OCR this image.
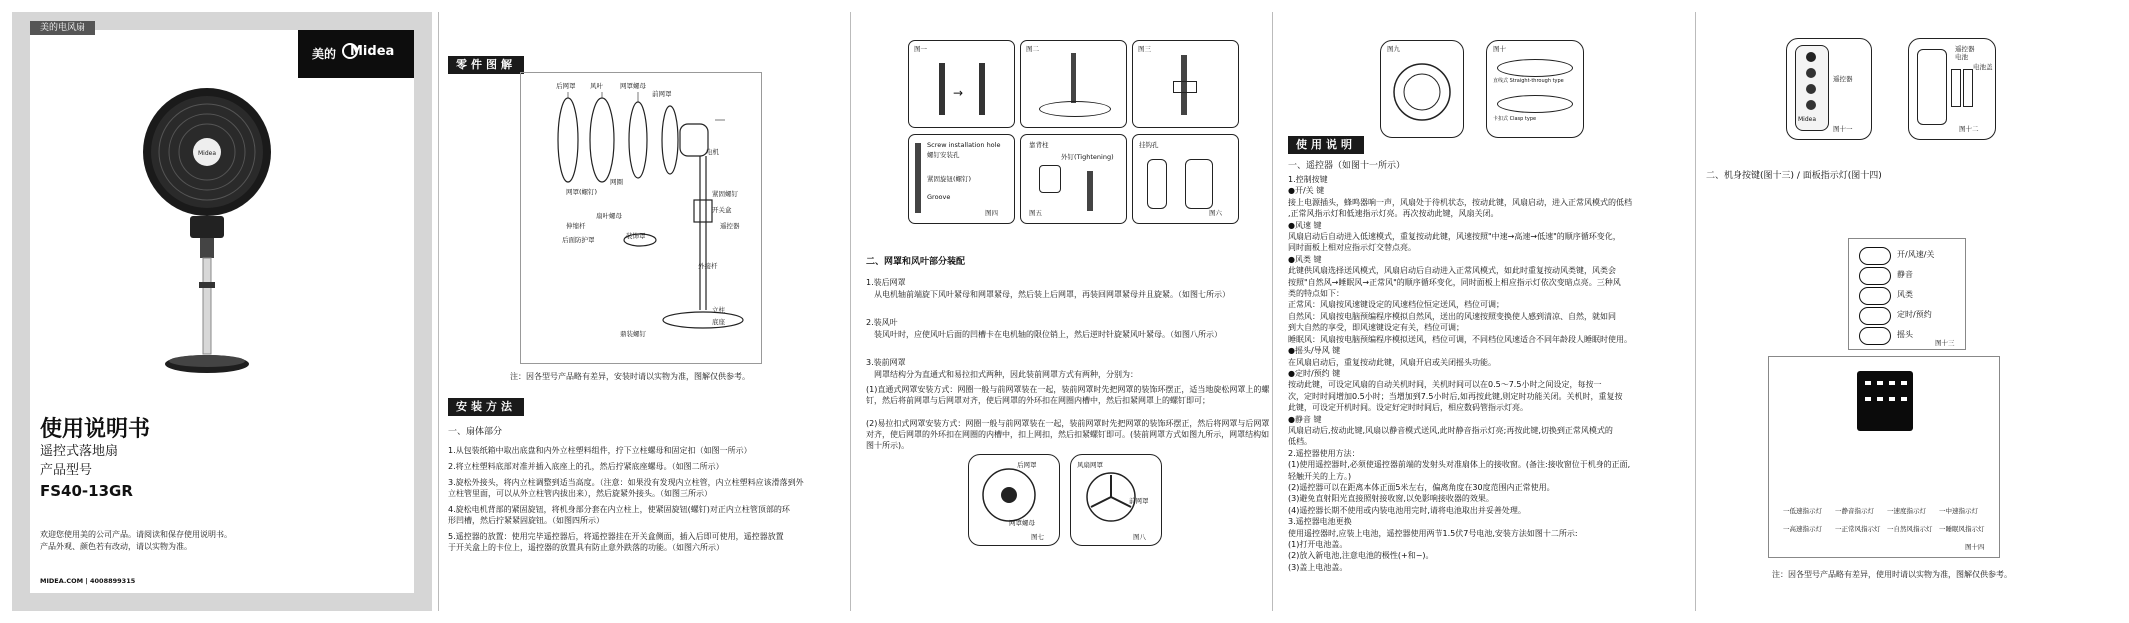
美的电风扇
美的 Midea
Midea
使用说明书
遥控式落地扇
产品型号
FS40-13GR
欢迎您使用美的公司产品。请阅读和保存使用说明书。
产品外观、颜色若有改动，请以实物为准。
MIDEA.COM | 4008899315
零件图解
后网罩 风叶	网罩螺母
前网罩
电机
网圈
网罩(螺钉)	紧固螺钉
开关盒
扇叶螺母
遥控器
伸缩杆
后面防护罩	装饰罩
外接杆
立柱
底座
鼎装螺钉
注：因各型号产品略有差异，安装时请以实物为准，图解仅供参考。
安装方法
一、扇体部分
1.从包装纸箱中取出底盘和内外立柱塑料组件，拧下立柱螺母和固定扣（如图一所示）
2.将立柱塑料底部对准并插入底座上的孔，然后拧紧底座螺母。（如图二所示）
3.旋松外接头，将内立柱调整到适当高度。（注意：如果没有发现内立柱管，内立柱塑料应该滑落到外
立柱管里面，可以从外立柱管内拔出来），然后旋紧外接头。（如图三所示）
4.旋松电机背部的紧固旋钮，将机身部分套在内立柱上，使紧固旋钮(螺钉)对正内立柱管顶部的环
形凹槽，然后拧紧紧固旋钮。（如图四所示）
5.遥控器的放置：使用完毕遥控器后，将遥控器挂在开关盒侧面，插入后即可使用，遥控器放置
于开关盒上的卡位上，遥控器的放置具有防止意外跌落的功能。（如图六所示）
图一
→
图二	图三
Screw installation hole
螺钉安装孔
紧固旋钮(螺钉)
Groove
图四
靠背柱
外钉(Tightening)
图五
挂钩孔
图六
二、网罩和风叶部分装配
1.装后网罩
从电机轴前端旋下风叶紧母和网罩紧母，然后装上后网罩，再装回网罩紧母并且旋紧。（如图七所示）
2.装风叶
装风叶时，应使风叶后面的凹槽卡在电机轴的限位销上，然后逆时针旋紧风叶紧母。（如图八所示）
3.装前网罩
网罩结构分为直通式和易拉扣式两种，因此装前网罩方式有两种，分别为：
(1)直通式网罩安装方式：网圈一般与前网罩装在一起，装前网罩时先把网罩的装饰环摆正，适当地旋松网罩上的螺钉，然后将前网罩与后网罩对齐，使后网罩的外环扣在网圈内槽中，然后扣紧网罩上的螺钉即可；
(2)易拉扣式网罩安装方式：网圈一般与前网罩装在一起，装前网罩时先把网罩的装饰环摆正，然后将网罩与后网罩对齐，使后网罩的外环扣在网圈的内槽中，扣上网扣，然后扣紧螺钉即可。(装前网罩方式如图九所示，网罩结构如图十所示)。
后网罩
网罩螺母
图七
风扇网罩
前网罩
图八
图九	图十
直线式 Straight-through type
卡扣式 Clasp type
使用说明
一、遥控器（如图十一所示）
1.控制按键
●开/关 键
接上电源插头，蜂鸣器响一声，风扇处于待机状态，按动此键，风扇启动，进入正常风模式的低档
,正常风指示灯和低速指示灯亮。再次按动此键，风扇关闭。
●风速 键
风扇启动后自动进入低速模式，重复按动此键，风速按照"中速→高速→低速"的顺序循环变化，
同时面板上相对应指示灯交替点亮。
●风类 键
此键供风扇选择送风模式，风扇启动后自动进入正常风模式，如此时重复按动风类键，风类会
按照"自然风→睡眠风→正常风"的顺序循环变化，同时面板上相应指示灯依次变暗点亮。三种风
类的特点如下：
正常风：风扇按风速键设定的风速档位恒定送风，档位可调；
自然风：风扇按电脑预编程序模拟自然风，送出的风速按照变换使人感到清凉、自然，就如同
到大自然的享受，即风速键设定有关，档位可调；
睡眠风：风扇按电脑预编程序模拟送风，档位可调，不同档位风速适合不同年龄段人睡眠时使用。
●摇头/导风 键
在风扇启动后，重复按动此键，风扇开启或关闭摇头功能。
●定时/预约 键
按动此键，可设定风扇的自动关机时间，关机时间可以在0.5～7.5小时之间设定，每按一
次，定时时间增加0.5小时；当增加到7.5小时后,如再按此键,则定时功能关闭。关机时，重复按
此键，可设定开机时间。设定好定时时间后，相应数码管指示灯亮。
●静音 键
风扇启动后,按动此键,风扇以静音模式送风,此时静音指示灯亮;再按此键,切换到正常风模式的
低档。
2.遥控器使用方法：
(1)使用遥控器时,必须使遥控器前端的发射头对准扇体上的接收窗。(备注:接收窗位于机身的正面,
轻触开关的上方。)
(2)遥控器可以在距离本体正面5米左右，偏离角度在30度范围内正常使用。
(3)避免直射阳光直接照射接收窗,以免影响接收器的效果。
(4)遥控器长期不使用或内装电池用完时,请将电池取出并妥善处理。
3.遥控器电池更换
使用遥控器时,应装上电池，遥控器使用两节1.5伏7号电池,安装方法如图十二所示:
(1)打开电池盖。
(2)放入新电池,注意电池的极性(+和−)。
(3)盖上电池盖。
Midea
遥控器
图十一
遥控器
电池
电池盖
图十二
二、机身按键(图十三) / 面板指示灯(图十四)
开/风速/关
静音
风类
定时/预约
摇头
图十三
一低速指示灯 一静音指示灯 一速度指示灯 一中速指示灯
一高速指示灯 一正常风指示灯 一自然风指示灯 一睡眠风指示灯
图十四
注：因各型号产品略有差异，使用时请以实物为准，图解仅供参考。
